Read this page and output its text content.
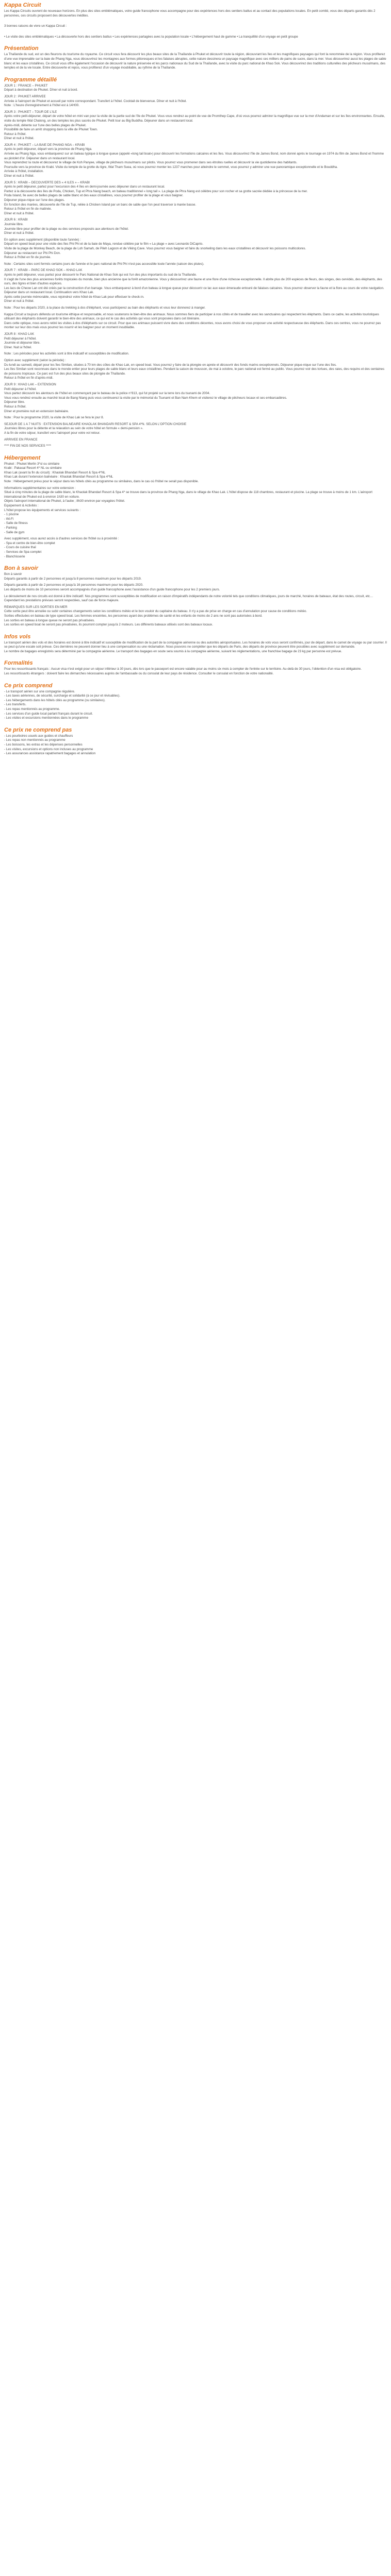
Kappa Circuit
Les Kappa Circuits ouvrent de nouveaux horizons. En plus des sites emblématiques, votre guide francophone vous accompagne pour des expériences hors des sentiers battus et au contact des populations locales. En petit comité, vous des départs garantis dès 2 personnes, ces circuits proposent des découvertes inédites.
3 bonnes raisons de vivre un Kappa Circuit :
• Le visite des sites emblématiques • La découverte hors des sentiers battus • Les expériences partagées avec la population locale • L'hébergement haut de gamme • La tranquillité d'un voyage en petit groupe
Présentation
La Thaïlande du sud, est un des fleurons du tourisme du royaume. Ce circuit vous fera découvrir les plus beaux sites de la Thaïlande à Phuket et découvrir toute la région, découvrant les îles et les magnifiques paysages qui font la renommée de la région. Vous profiterez d'une vue imprenable sur la baie de Phang Nga, vous découvrirez les montagnes aux formes pittoresques et les falaises abruptes, cette nature dessinera un paysage magnifique avec ces milliers de pains de sucre, dans la mer. Vous découvrirez aussi les plages de sable blanc et les eaux cristallines. Ce circuit vous offre également l'occasion de découvrir la nature préservée et les parcs nationaux du Sud de la Thaïlande, avec la visite du parc national de Khao Sok. Vous découvrirez des traditions culturelles des pêcheurs musulmans, des temples et de la vie locale. Entre découverte et repos, vous profiterez d'un voyage inoubliable, au rythme de la Thaïlande.
Programme détaillé
JOUR 1 : FRANCE – PHUKET
Départ à destination de Phuket. Dîner et nuit à bord.
JOUR 2 : PHUKET ARRIVEE
Arrivée à l'aéroport de Phuket et accueil par notre correspondant. Transfert à l'hôtel. Cocktail de bienvenue. Dîner et nuit à l'hôtel.
Note : L'heure d'enregistrement à l'hôtel est à 14H00.
JOUR 3 : PHUKET – TOUR DE L'ILE
Après votre petit-déjeuner, départ de votre hôtel en mini van pour la visite de la partie sud de l'île de Phuket. Vous vous rendrez au point de vue de Promthep Cape, d'où vous pourrez admirer la magnifique vue sur la mer d'Andaman et sur les îles environnantes. Ensuite, visite du temple Wat Chalong, un des temples les plus sacrés de Phuket. Petit tour au Big Buddha. Déjeuner dans un restaurant local.
Après-midi, détente sur l'une des belles plages de Phuket.
Possibilité de faire un arrêt shopping dans la ville de Phuket Town.
Retour à l'hôtel.
Dîner et nuit à l'hôtel.
JOUR 4 : PHUKET – LA BAIE DE PHANG NGA – KRABI
Après le petit déjeuner, départ vers la province de Phang Nga.
Arrivée au Phang Nga, vous embarquerez sur un bateau typique à longue queue (appelé «long tail boat») pour découvrir les formations calcaires et les îles. Vous découvrirez l'île de James Bond, nom donné après le tournage en 1974 du film de James Bond et l'homme au pistolet d'or. Déjeuner dans un restaurant local.
Vous reprendrez la route et découvrez le village de Koh Panyee, village de pêcheurs musulmans sur pilotis. Vous pourrez vous promener dans ses étroites ruelles et découvrir la vie quotidienne des habitants.
Poursuite vers la province de Krabi. Visite du temple de la grotte du tigre, Wat Tham Suea, où vous pourrez monter les 1237 marches pour atteindre le sommet, vous pourrez y admirer une vue panoramique exceptionnelle et le Bouddha.
Arrivée à l'hôtel, installation.
Dîner et nuit à l'hôtel.
JOUR 5 : KRABI – DECOUVERTE DES « 4 ILES » – KRABI
Après le petit déjeuner, partez pour l'excursion des 4 îles en demi-journée avec déjeuner dans un restaurant local.
Partez à la découverte des îles de Poda, Chicken, Tup et Phra Nang beach, en bateau traditionnel « long tail ». La plage de Phra Nang est célèbre pour son rocher et sa grotte sacrée dédiée à la princesse de la mer.
Poda Island, île avec de belles plages de sable blanc et des eaux cristallines, vous pourrez profiter de la plage et vous baigner.
Déjeuner pique-nique sur l'une des plages.
En fonction des marées, découverte de l'île de Tup, reliée à Chicken Island par un banc de sable que l'on peut traverser à marée basse.
Retour à l'hôtel en fin de matinée.
Dîner et nuit à l'hôtel.
JOUR 6 : KRABI
Journée libre.
Journée libre pour profiter de la plage ou des services proposés aux alentours de l'hôtel.
Dîner et nuit à l'hôtel.
En option avec supplément (disponible toute l'année) :
Départ en speed boat pour une visite des îles Phi Phi et de la baie de Maya, rendue célèbre par le film « La plage » avec Leonardo DiCaprio.
Visite de la plage de Monkey Beach, de la plage de Loh Samah, de Pileh Lagoon et de Viking Cave. Vous pourrez vous baigner et faire du snorkeling dans les eaux cristallines et découvrir les poissons multicolores.
Déjeuner au restaurant sur Phi Phi Don.
Retour à l'hôtel en fin de journée.
Note : Certains sites sont fermés certains jours de l'année et le parc national de Phi Phi n'est pas accessible toute l'année (saison des pluies).
JOUR 7 : KRABI – PARC DE KHAO SOK – KHAO LAK
Après le petit déjeuner, vous partez pour découvrir le Parc National de Khao Sok qui est l'un des plus importants du sud de la Thaïlande.
Il s'agit de l'une des plus anciennes forêts tropicales du monde, bien plus ancienne que la forêt amazonienne. Vous y découvrirez une faune et une flore d'une richesse exceptionnelle. Il abrite plus de 200 espèces de fleurs, des singes, des cervidés, des éléphants, des ours, des tigres et bien d'autres espèces.
Les lacs de Cheow Lan ont été créés par la construction d'un barrage. Vous embarquerez à bord d'un bateau à longue queue pour découvrir ce lac aux eaux émeraude entouré de falaises calcaires. Vous pourrez observer la faune et la flore au cours de votre navigation.
Déjeuner dans un restaurant local. Continuation vers Khao Lak.
Après cette journée mémorable, vous rejoindrez votre hôtel de Khao Lak pour effectuer le check-in.
Dîner et nuit à l'hôtel.
Note : Pour les départs 2020, à la place du trekking à dos d'éléphant, vous participerez au bain des éléphants et vous leur donnerez à manger.
Kappa Circuit a toujours défendu un tourisme éthique et responsable, et nous soutenons le bien-être des animaux. Nous sommes fiers de participer à nos côtés et de travailler avec les sanctuaires qui respectent les éléphants. Dans ce cadre, les activités touristiques utilisant des éléphants doivent garantir le bien-être des animaux, ce qui est le cas des activités qui vous sont proposées dans cet itinéraire.
Dans cette optique, nous avons retiré les visites à dos d'éléphants sur ce circuit. Pour que ces animaux puissent vivre dans des conditions décentes, nous avons choisi de vous proposer une activité respectueuse des éléphants. Dans ces centres, vous ne pourrez pas monter sur leur dos mais vous pourrez les nourrir et les baigner pour un moment inoubliable.
JOUR 8 : KHAO LAK
Petit déjeuner à l'hôtel.
Journée et déjeuner libre.
Dîner. Nuit à l'hôtel.
Note : Les périodes pour les activités sont à titre indicatif et susceptibles de modification.
Option avec supplément (selon la période) :
Du lundi au samedi, départ pour les îles Similan, situées à 70 km des côtes de Khao Lak, en speed boat. Vous pourrez y faire de la plongée en apnée et découvrir des fonds marins exceptionnels. Déjeuner pique-nique sur l'une des îles.
Les îles Similan sont reconnues dans le monde entier pour leurs plages de sable blanc et leurs eaux cristallines. Pendant la saison de mousson, de mai à octobre, le parc national est fermé au public. Vous pourrez voir des tortues, des raies, des requins et des centaines de poissons tropicaux. Ce parc est l'un des plus beaux sites de plongée de Thaïlande.
Retour à l'hôtel en fin d'après-midi.
JOUR 9 : KHAO LAK – EXTENSION
Petit déjeuner à l'hôtel.
Vous partez découvrir les alentours de l'hôtel en commençant par le bateau de la police n°813, qui fut projeté sur la terre lors du tsunami de 2004.
Vous vous rendrez ensuite au marché local de Bang Niang puis vous continuerez la visite par le mémorial du Tsunami et Ban Nam Khem et visiterez le village de pêcheurs locaux et ses embarcadères.
Déjeuner libre.
Retour à l'hôtel.
Dîner et première nuit en extension balnéaire.
Note : Pour le programme 2020, la visite de Khao Lak se fera le jour 8.
SEJOUR DE 1 A 7 NUITS : EXTENSION BALNEAIRE KHAOLAK BHANDARI RESORT & SPA 4*N. SELON L'OPTION CHOISIE
Journées libres pour la détente et la relaxation au sein de votre hôtel en formule « demi-pension ».
A la fin de votre séjour, transfert vers l'aéroport pour votre vol retour.
ARRIVEE EN FRANCE
**** FIN DE NOS SERVICES ****
Hébergement
Phuket : Phuket Merlin 3*sl ou similaire
Krabi : Pakasai Resort 4* NL ou similaire
Khao Lak (avant la fin du circuit) : Khaolak Bhandari Resort & Spa 4*NL
Khao Lak durant l'extension balnéaire : Khaolak Bhandari Resort & Spa 4*NL
Note : Hébergement prévu pour le séjour dans les hôtels cités au programme ou similaires, dans le cas où l'hôtel ne serait pas disponible.
Informations supplémentaires sur votre extension :
Situé à cinq minutes de la plage de sable blanc, le Khaolak Bhandari Resort & Spa 4* se trouve dans la province de Phang Nga, dans le village de Khao Lak. L'hôtel dispose de 118 chambres, restaurant et piscine. La plage se trouve à moins de 1 km. L'aéroport international de Phuket est à environ 1h30 en voiture.
Objets l'aéroport international de Phuket, à l'aube ; 8h30 environ par voyagées l'hôtel.
Equipement & Activités :
L'hôtel propose les équipements et services suivants :
- 1 piscine
- Wi-Fi
- Salle de fitness
- Parking
- Salle de gym
Avec supplément, vous aurez accès à d'autres services de l'hôtel ou à proximité :
- Spa et centre de bien-être complet
- Cours de cuisine thaï
- Services de Spa complet
- Blanchisserie
Bon à savoir
Bon à savoir
Départs garantis à partir de 2 personnes et jusqu'à 8 personnes maximum pour les départs 2019.
Départs garantis à partir de 2 personnes et jusqu'à 16 personnes maximum pour les départs 2020.
Les départs de moins de 10 personnes seront accompagnés d'un guide francophone avec l'assistance d'un guide francophone pour les 2 premiers jours.
Le déroulement de nos circuits est donné à titre indicatif. Nos programmes sont susceptibles de modification en raison d'impératifs indépendants de notre volonté tels que conditions climatiques, jours de marché, horaires de bateaux, état des routes, circuit, etc… Cependant les prestations prévues seront respectées, sauf cas de force majeure.
REMARQUES SUR LES SORTIES EN MER
Cette sortie peut être annulée ou subir certaines changements selon les conditions météo et le bon vouloir du capitaine du bateau. Il n'y a pas de prise en charge en cas d'annulation pour cause de conditions météo.
Sorties effectuées en bateau de type speed boat. Les femmes enceintes, les personnes ayant des problèmes de santé et les enfants de moins de 2 ans ne sont pas autorisées à bord.
Les sorties en bateau à longue queue ne seront pas privatisées.
Les sorties en speed boat ne seront pas privatisées, ils pourront compter jusqu'à 2 moteurs. Les différents bateaux utilisés sont des bateaux locaux.
Infos vols
Le transport aérien des vols et des horaires est donné à titre indicatif et susceptible de modification de la part de la compagnie aérienne ou des autorités aéroportuaires. Les horaires de vols vous seront confirmés, jour de départ, dans le carnet de voyage ou par courrier. Il se peut qu'une escale soit prévue. Ces dernières ne peuvent donner lieu à une compensation ou une réclamation. Nous pouvons ne compléter que les départs de Paris, des départs de province peuvent être possibles avec supplément sur demande.
Le nombre de bagages enregistrés sera déterminé par la compagnie aérienne. Le transport des bagages en soute sera soumis à la compagnie aérienne, suivant les réglementations, une franchise bagage de 23 kg par personne est prévue.
Formalités
Pour les ressortissants français : Aucun visa n'est exigé pour un séjour inférieur à 30 jours, dès lors que le passeport est encore valable pour au moins six mois à compter de l'entrée sur le territoire. Au-delà de 30 jours, l'obtention d'un visa est obligatoire.
Les ressortissants étrangers : doivent faire les démarches nécessaires auprès de l'ambassade ou du consulat de leur pays de résidence. Consulter le consulat en fonction de votre nationalité.
Ce prix comprend
- Le transport aérien sur une compagnie régulière.
- Les taxes aériennes, de sécurité, surcharge et solidarité (à ce jour et révisables).
- Les hébergements dans les hôtels cités au programme (ou similaires).
- Les transferts.
- Les repas mentionnés au programme.
- Les services d'un guide local parlant français durant le circuit.
- Les visites et excursions mentionnées dans le programme
Ce prix ne comprend pas
- Les pourboires usuels aux guides et chauffeurs
- Les repas non mentionnés au programme
- Les boissons, les extras et les dépenses personnelles
- Les visites, excursions et options non incluses au programme
- Les assurances assistance rapatriement bagages et annulation
